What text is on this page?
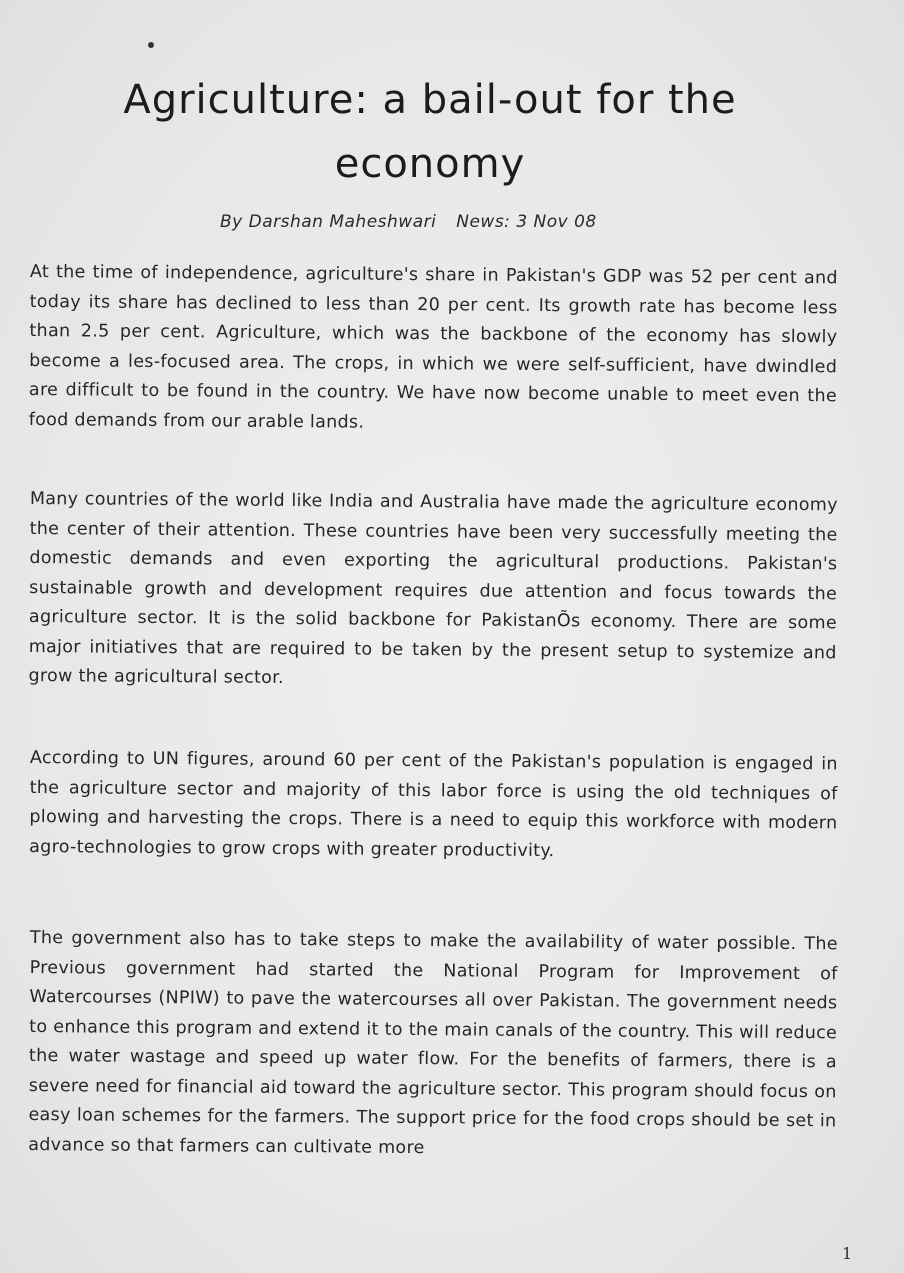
Agriculture: a bail-out for the economy
By Darshan Maheshwari News: 3 Nov 08

At the time of independence, agriculture's share in Pakistan's GDP was 52 per cent and today its share has declined to less than 20 per cent. Its growth rate has become less than 2.5 per cent. Agriculture, which was the backbone of the economy has slowly become a les-focused area. The crops, in which we were self-sufficient, have dwindled are difficult to be found in the country. We have now become unable to meet even the food demands from our arable lands.

Many countries of the world like India and Australia have made the agriculture economy the center of their attention. These countries have been very successfully meeting the domestic demands and even exporting the agricultural productions. Pakistan's sustainable growth and development requires due attention and focus towards the agriculture sector. It is the solid backbone for PakistanÕs economy. There are some major initiatives that are required to be taken by the present setup to systemize and grow the agricultural sector.

According to UN figures, around 60 per cent of the Pakistan's population is engaged in the agriculture sector and majority of this labor force is using the old techniques of plowing and harvesting the crops. There is a need to equip this workforce with modern agro-technologies to grow crops with greater productivity.

The government also has to take steps to make the availability of water possible. The Previous government had started the National Program for Improvement of Watercourses (NPIW) to pave the watercourses all over Pakistan. The government needs to enhance this program and extend it to the main canals of the country. This will reduce the water wastage and speed up water flow. For the benefits of farmers, there is a severe need for financial aid toward the agriculture sector. This program should focus on easy loan schemes for the farmers. The support price for the food crops should be set in advance so that farmers can cultivate more

1
